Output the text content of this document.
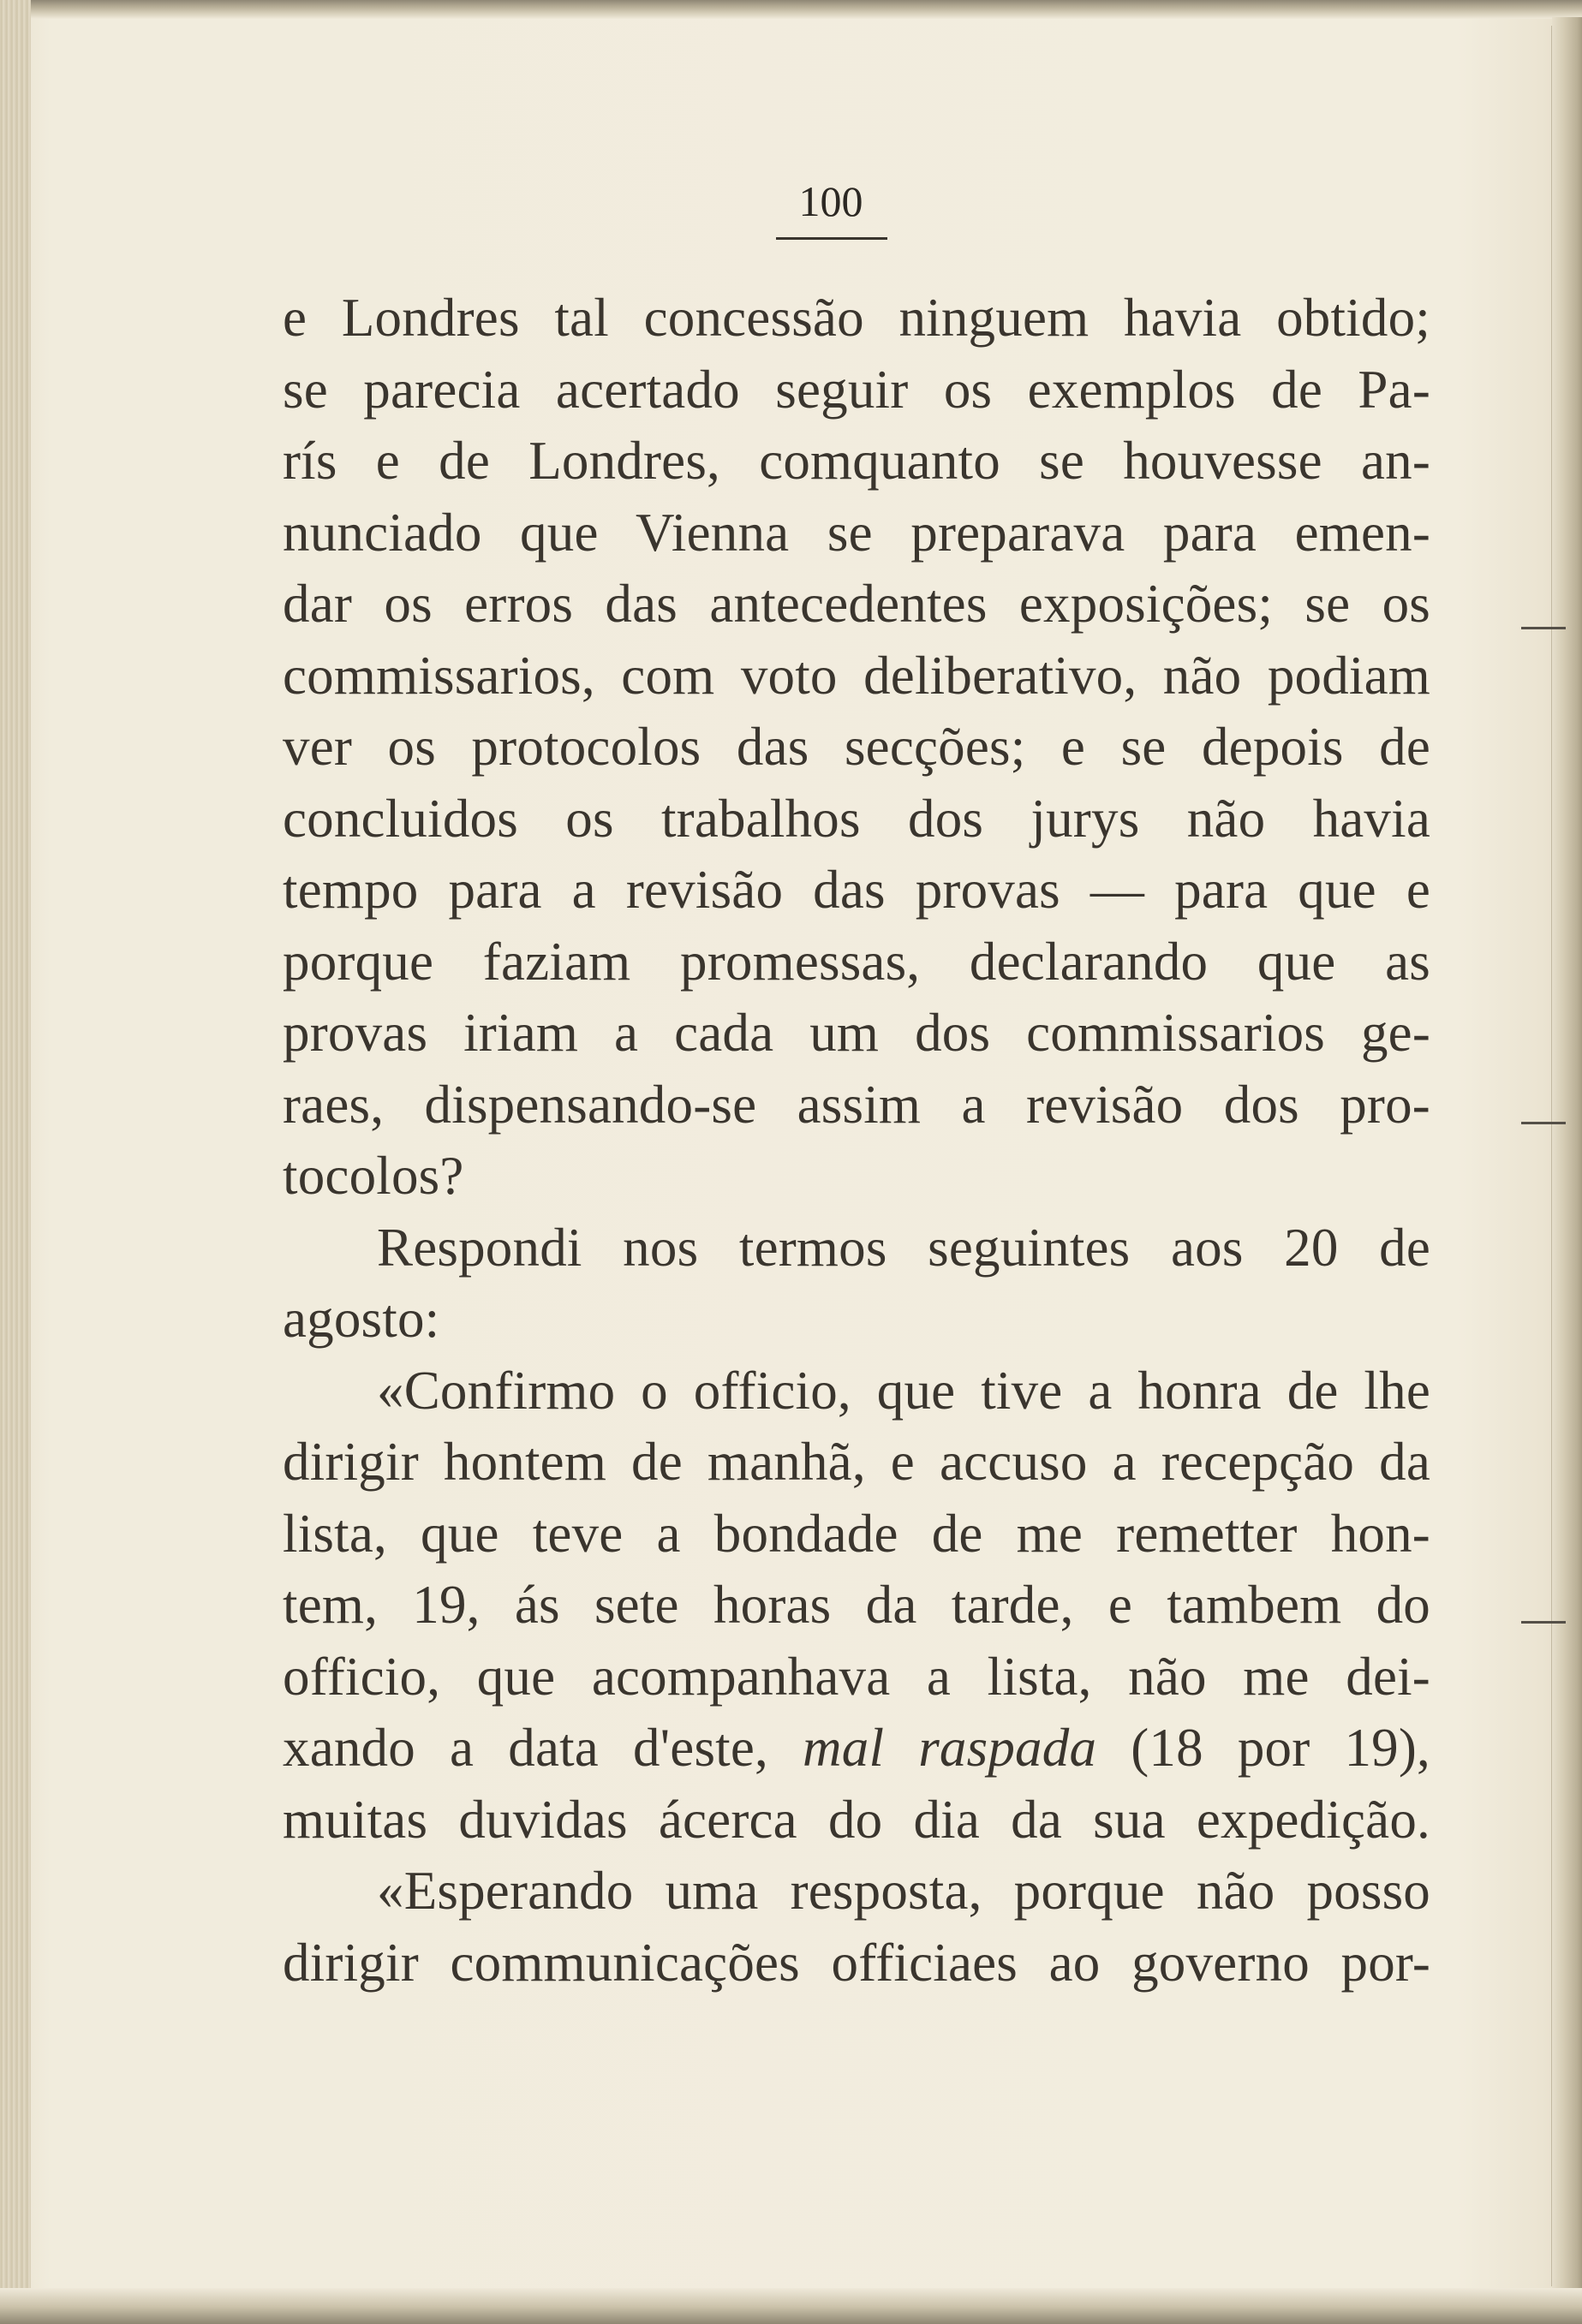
100
e Londres tal concessão ninguem havia obtido;
se parecia acertado seguir os exemplos de Pa-
rís e de Londres, comquanto se houvesse an-
nunciado que Vienna se preparava para emen-
dar os erros das antecedentes exposições; se os
commissarios, com voto deliberativo, não podiam
ver os protocolos das secções; e se depois de
concluidos os trabalhos dos jurys não havia
tempo para a revisão das provas — para que e
porque faziam promessas, declarando que as
provas iriam a cada um dos commissarios ge-
raes, dispensando-se assim a revisão dos pro-
tocolos?
Respondi nos termos seguintes aos 20 de
agosto:
«Confirmo o officio, que tive a honra de lhe
dirigir hontem de manhã, e accuso a recepção da
lista, que teve a bondade de me remetter hon-
tem, 19, ás sete horas da tarde, e tambem do
officio, que acompanhava a lista, não me dei-
xando a data d'este, mal raspada (18 por 19),
muitas duvidas ácerca do dia da sua expedição.
«Esperando uma resposta, porque não posso
dirigir communicações officiaes ao governo por-
